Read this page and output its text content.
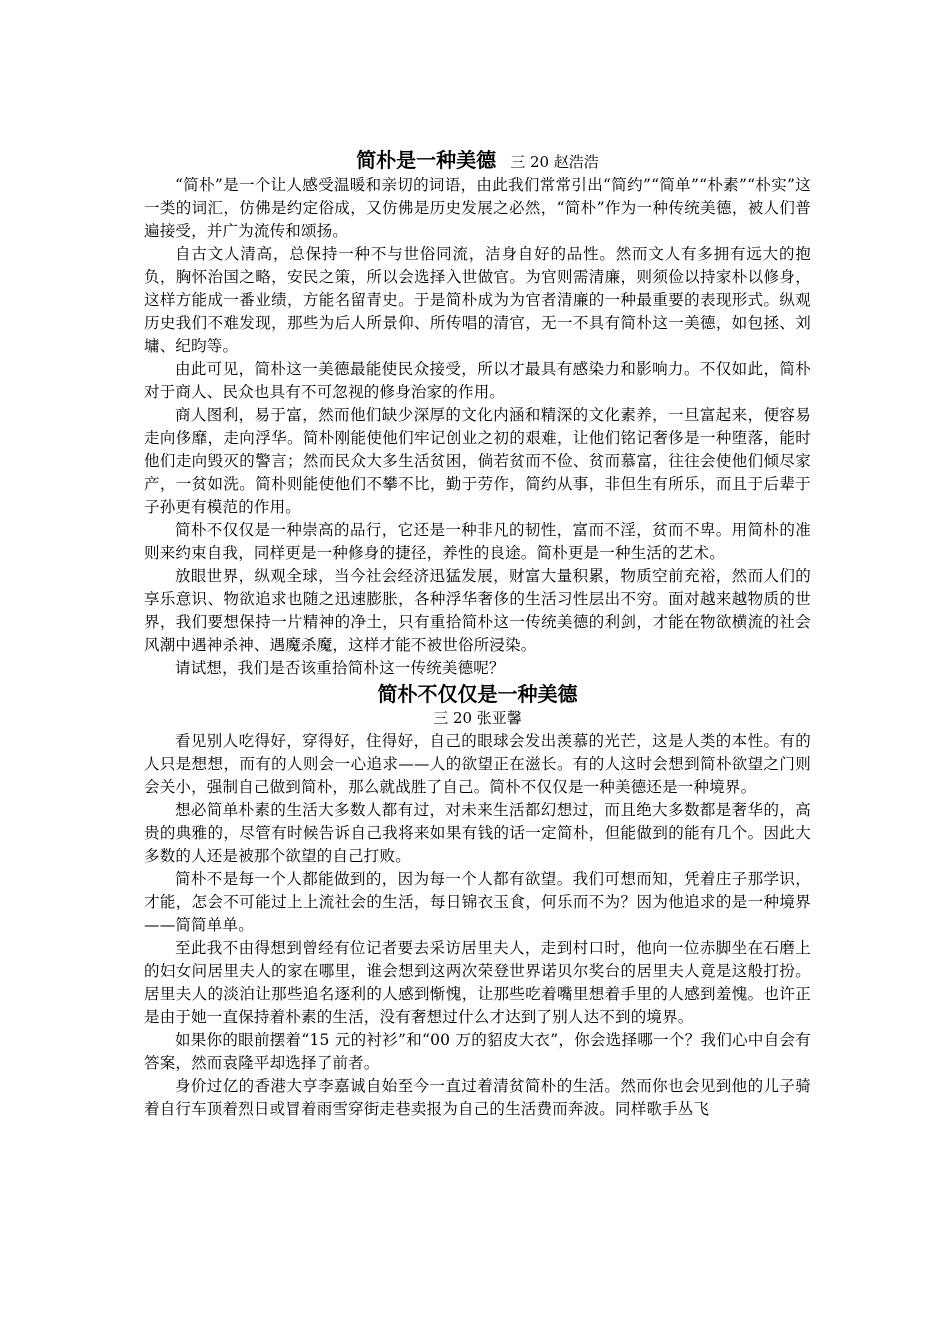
简朴是一种美德 三 20 赵浩浩

“简朴”是一个让人感受温暖和亲切的词语，由此我们常常引出“简约”“简单”“朴素”“朴实”这一类的词汇，仿佛是约定俗成，又仿佛是历史发展之必然，“简朴”作为一种传统美德，被人们普遍接受，并广为流传和颂扬。

自古文人清高，总保持一种不与世俗同流，洁身自好的品性。然而文人有多拥有远大的抱负，胸怀治国之略，安民之策，所以会选择入世做官。为官则需清廉，则须俭以持家朴以修身，这样方能成一番业绩，方能名留青史。于是简朴成为为官者清廉的一种最重要的表现形式。纵观历史我们不难发现，那些为后人所景仰、所传唱的清官，无一不具有简朴这一美德，如包拯、刘墉、纪昀等。

由此可见，简朴这一美德最能使民众接受，所以才最具有感染力和影响力。不仅如此，简朴对于商人、民众也具有不可忽视的修身治家的作用。

商人图利，易于富，然而他们缺少深厚的文化内涵和精深的文化素养，一旦富起来，便容易走向侈靡，走向浮华。简朴刚能使他们牢记创业之初的艰难，让他们铭记奢侈是一种堕落，能时他们走向毁灭的警言；然而民众大多生活贫困，倘若贫而不俭、贫而慕富，往往会使他们倾尽家产，一贫如洗。简朴则能使他们不攀不比，勤于劳作，简约从事，非但生有所乐，而且于后辈于子孙更有模范的作用。

简朴不仅仅是一种崇高的品行，它还是一种非凡的韧性，富而不淫，贫而不卑。用简朴的准则来约束自我，同样更是一种修身的捷径，养性的良途。简朴更是一种生活的艺术。

放眼世界，纵观全球，当今社会经济迅猛发展，财富大量积累，物质空前充裕，然而人们的享乐意识、物欲追求也随之迅速膨胀，各种浮华奢侈的生活习性层出不穷。面对越来越物质的世界，我们要想保持一片精神的净土，只有重拾简朴这一传统美德的利剑，才能在物欲横流的社会风潮中遇神杀神、遇魔杀魔，这样才能不被世俗所浸染。

请试想，我们是否该重拾简朴这一传统美德呢？

简朴不仅仅是一种美德
三 20 张亚馨

看见别人吃得好，穿得好，住得好，自己的眼球会发出羡慕的光芒，这是人类的本性。有的人只是想想，而有的人则会一心追求——人的欲望正在滋长。有的人这时会想到简朴欲望之门则会关小，强制自己做到简朴，那么就战胜了自己。简朴不仅仅是一种美德还是一种境界。

想必简单朴素的生活大多数人都有过，对未来生活都幻想过，而且绝大多数都是奢华的，高贵的典雅的，尽管有时候告诉自己我将来如果有钱的话一定简朴，但能做到的能有几个。因此大多数的人还是被那个欲望的自己打败。

简朴不是每一个人都能做到的，因为每一个人都有欲望。我们可想而知，凭着庄子那学识，才能，怎会不可能过上上流社会的生活，每日锦衣玉食，何乐而不为？因为他追求的是一种境界——简简单单。

至此我不由得想到曾经有位记者要去采访居里夫人，走到村口时，他向一位赤脚坐在石磨上的妇女问居里夫人的家在哪里，谁会想到这两次荣登世界诺贝尔奖台的居里夫人竟是这般打扮。居里夫人的淡泊让那些追名逐利的人感到惭愧，让那些吃着嘴里想着手里的人感到羞愧。也许正是由于她一直保持着朴素的生活，没有奢想过什么才达到了别人达不到的境界。

如果你的眼前摆着“15 元的衬衫”和“00 万的貂皮大衣”，你会选择哪一个？我们心中自会有答案，然而袁隆平却选择了前者。

身价过亿的香港大亨李嘉诚自始至今一直过着清贫简朴的生活。然而你也会见到他的儿子骑着自行车顶着烈日或冒着雨雪穿街走巷卖报为自己的生活费而奔波。同样歌手丛飞
